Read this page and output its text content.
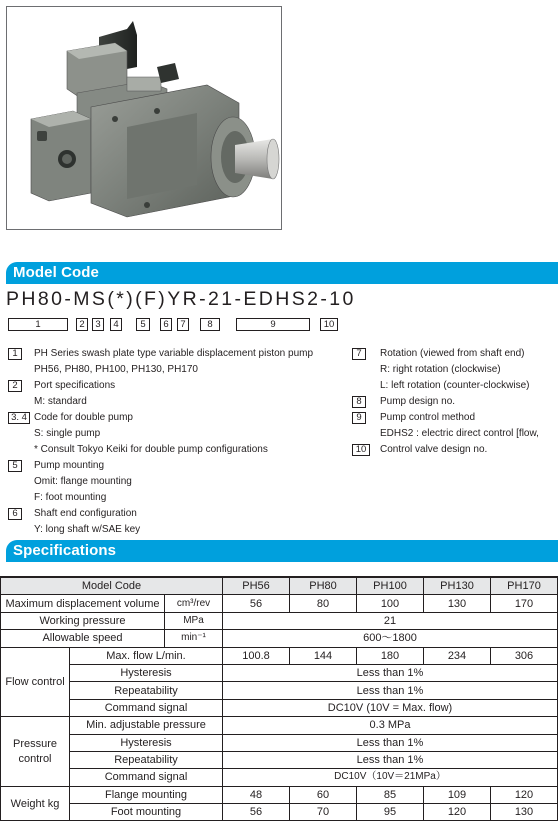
Model Code
PH80-MS(*)(F)YR-21-EDHS2-10
1	2	3	4	5	6	7	8	9	10
1	PH Series swash plate type variable displacement piston pump
PH56, PH80, PH100, PH130, PH170
2	Port specifications
M: standard
3. 4 Code for double pump
S: single pump
* Consult Tokyo Keiki for double pump configurations
5	Pump mounting
Omit: flange mounting
F: foot mounting
6	Shaft end configuration
Y: long shaft w/SAE key
7	Rotation (viewed from shaft end)
R: right rotation (clockwise)
L: left rotation (counter-clockwise)
8	Pump design no.
9	Pump control method
EDHS2 : electric direct control [flow,
10	Control valve design no.
Specifications
Model Code			PH56	PH80	PH100	PH130	PH170
Maximum displacement volume		cm³/rev	56	80	100	130	170
Working pressure		MPa	21				
Allowable speed		min⁻¹	600～1800				
Flow control	Max. flow L/min.		100.8	144	180	234	306
	Hysteresis		Less than 1%				
	Repeatability		Less than 1%				
	Command signal		DC10V (10V = Max. flow)				

Pressure
control	Min. adjustable pressure		0.3 MPa				
	Hysteresis		Less than 1%				
	Repeatability		Less than 1%				
	Command signal		DC10V（10V＝21MPa）				
Weight kg	Flange mounting		48	60	85	109	120
	Foot mounting		56	70	95	120	130
